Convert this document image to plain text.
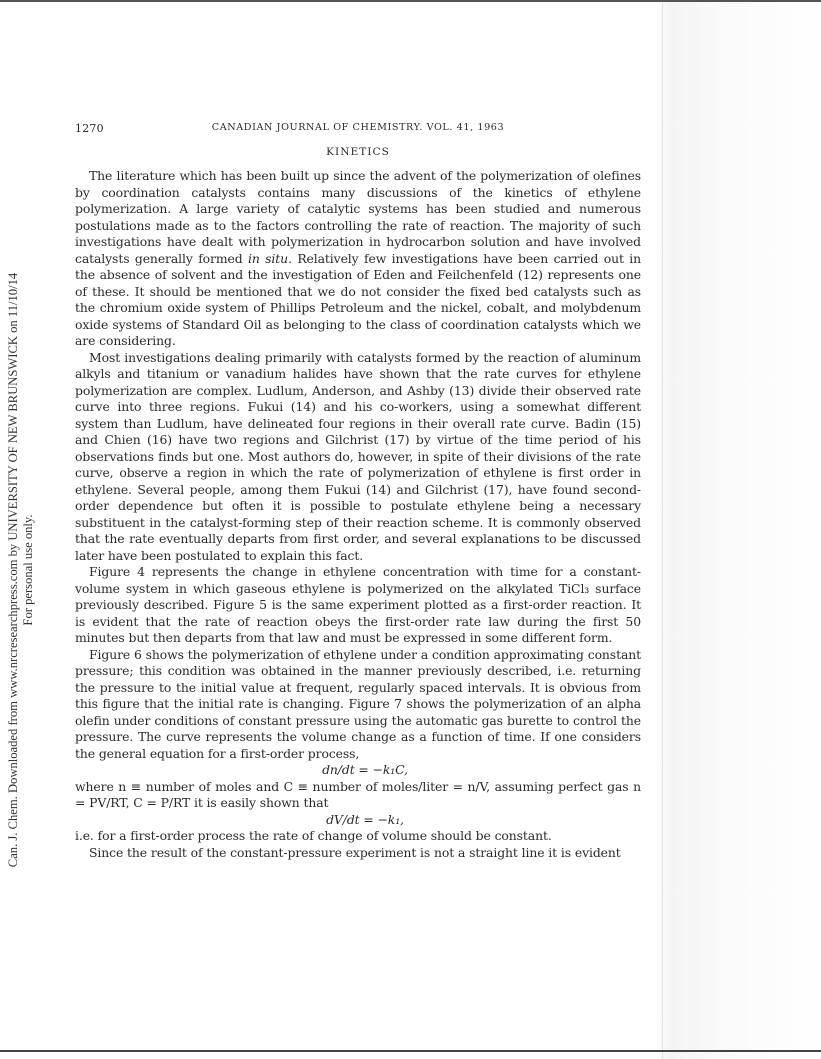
Can. J. Chem. Downloaded from www.nrcresearchpress.com by UNIVERSITY OF NEW BRUNSWICK on 11/10/14 For personal use only.
1270	CANADIAN JOURNAL OF CHEMISTRY. VOL. 41, 1963
KINETICS

The literature which has been built up since the advent of the polymerization of olefines by coordination catalysts contains many discussions of the kinetics of ethylene polymerization. A large variety of catalytic systems has been studied and numerous postulations made as to the factors controlling the rate of reaction. The majority of such investigations have dealt with polymerization in hydrocarbon solution and have involved catalysts generally formed in situ. Relatively few investigations have been carried out in the absence of solvent and the investigation of Eden and Feilchenfeld (12) represents one of these. It should be mentioned that we do not consider the fixed bed catalysts such as the chromium oxide system of Phillips Petroleum and the nickel, cobalt, and molybdenum oxide systems of Standard Oil as belonging to the class of coordination catalysts which we are considering.

Most investigations dealing primarily with catalysts formed by the reaction of aluminum alkyls and titanium or vanadium halides have shown that the rate curves for ethylene polymerization are complex. Ludlum, Anderson, and Ashby (13) divide their observed rate curve into three regions. Fukui (14) and his co-workers, using a somewhat different system than Ludlum, have delineated four regions in their overall rate curve. Badin (15) and Chien (16) have two regions and Gilchrist (17) by virtue of the time period of his observations finds but one. Most authors do, however, in spite of their divisions of the rate curve, observe a region in which the rate of polymerization of ethylene is first order in ethylene. Several people, among them Fukui (14) and Gilchrist (17), have found second-order dependence but often it is possible to postulate ethylene being a necessary substituent in the catalyst-forming step of their reaction scheme. It is commonly observed that the rate eventually departs from first order, and several explanations to be discussed later have been postulated to explain this fact.

Figure 4 represents the change in ethylene concentration with time for a constant-volume system in which gaseous ethylene is polymerized on the alkylated TiCl₃ surface previously described. Figure 5 is the same experiment plotted as a first-order reaction. It is evident that the rate of reaction obeys the first-order rate law during the first 50 minutes but then departs from that law and must be expressed in some different form.

Figure 6 shows the polymerization of ethylene under a condition approximating constant pressure; this condition was obtained in the manner previously described, i.e. returning the pressure to the initial value at frequent, regularly spaced intervals. It is obvious from this figure that the initial rate is changing. Figure 7 shows the polymerization of an alpha olefin under conditions of constant pressure using the automatic gas burette to control the pressure. The curve represents the volume change as a function of time. If one considers the general equation for a first-order process,

dn/dt = −k₁C,

where n ≡ number of moles and C ≡ number of moles/liter = n/V, assuming perfect gas n = PV/RT, C = P/RT it is easily shown that

dV/dt = −k₁,

i.e. for a first-order process the rate of change of volume should be constant.

Since the result of the constant-pressure experiment is not a straight line it is evident
